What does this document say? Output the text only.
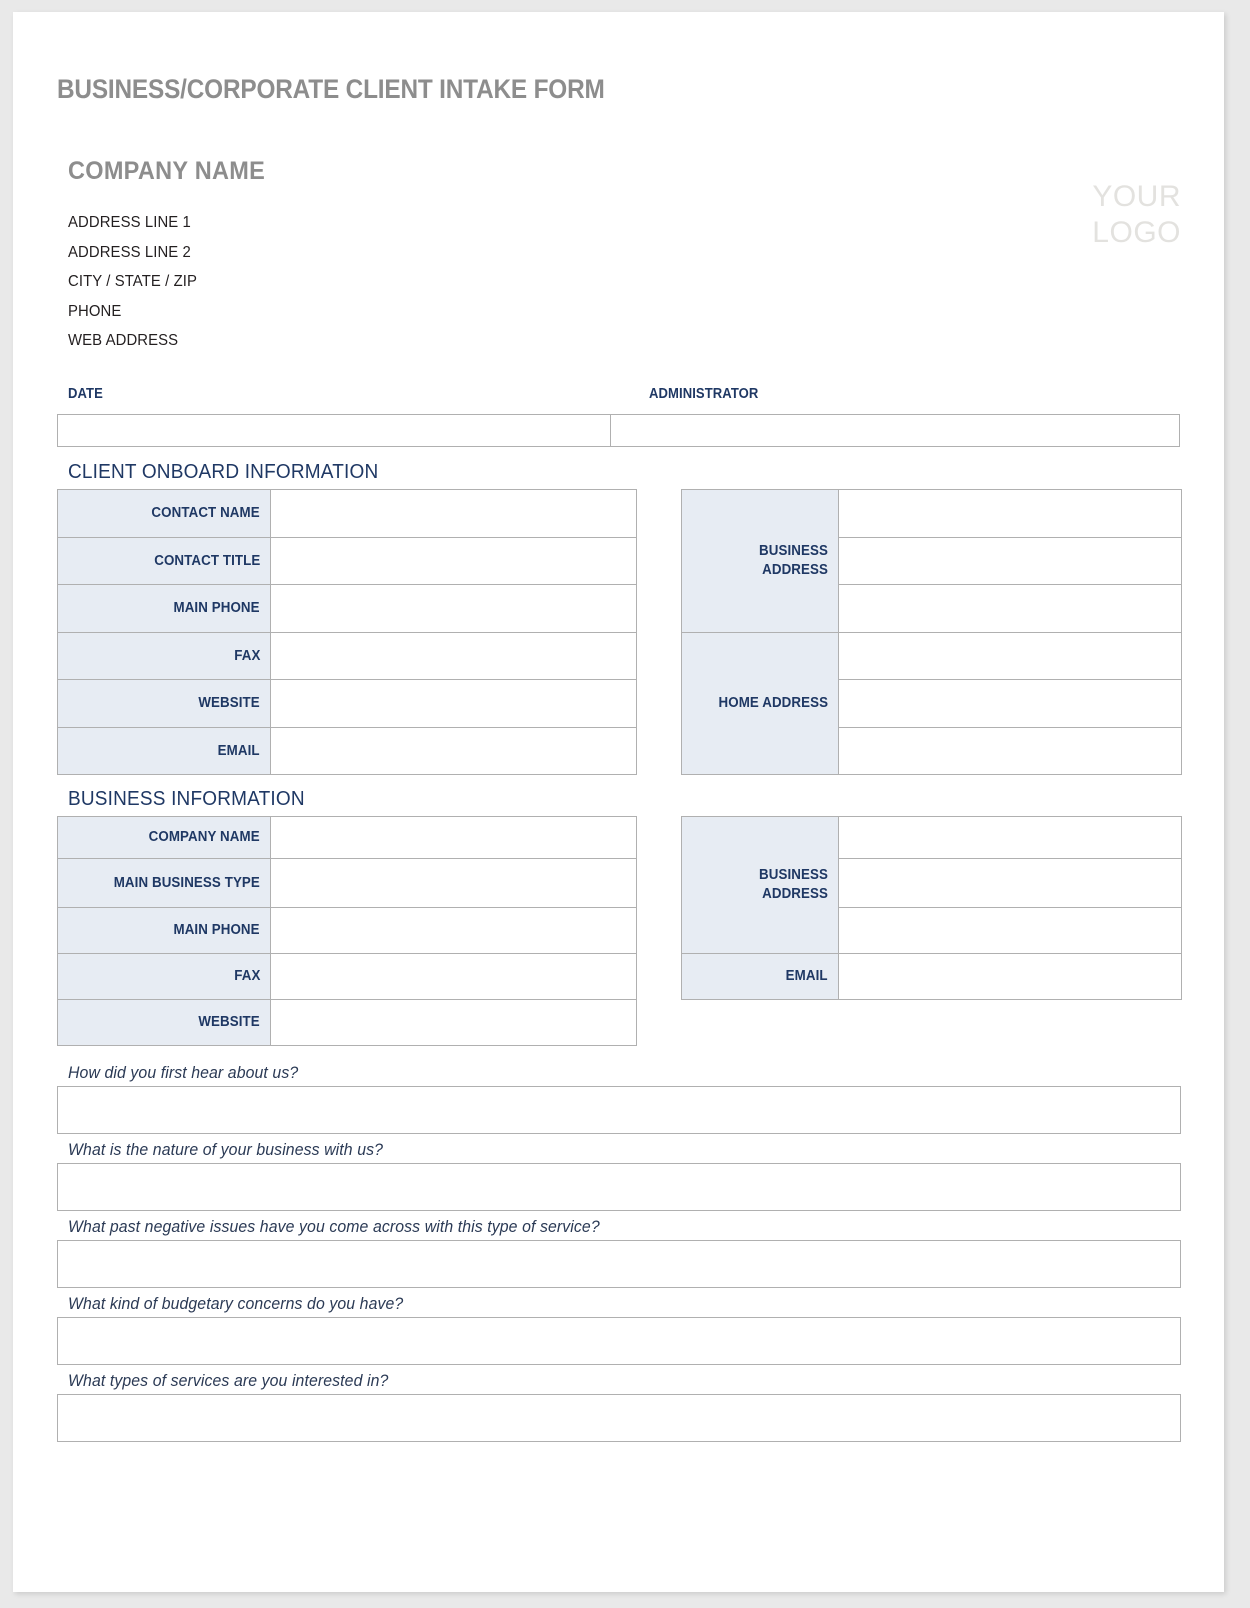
BUSINESS/CORPORATE CLIENT INTAKE FORM
COMPANY NAME
ADDRESS LINE 1
ADDRESS LINE 2
CITY / STATE / ZIP
PHONE
WEB ADDRESS
YOUR
LOGO
DATE	ADMINISTRATOR
CLIENT ONBOARD INFORMATION
CONTACT NAME
BUSINESS ADDRESS
CONTACT TITLE
MAIN PHONE
FAX
HOME ADDRESS
WEBSITE
EMAIL
BUSINESS INFORMATION
COMPANY NAME
BUSINESS ADDRESS
MAIN BUSINESS TYPE
MAIN PHONE
FAX	EMAIL
WEBSITE
How did you first hear about us?
What is the nature of your business with us?
What past negative issues have you come across with this type of service?
What kind of budgetary concerns do you have?
What types of services are you interested in?
